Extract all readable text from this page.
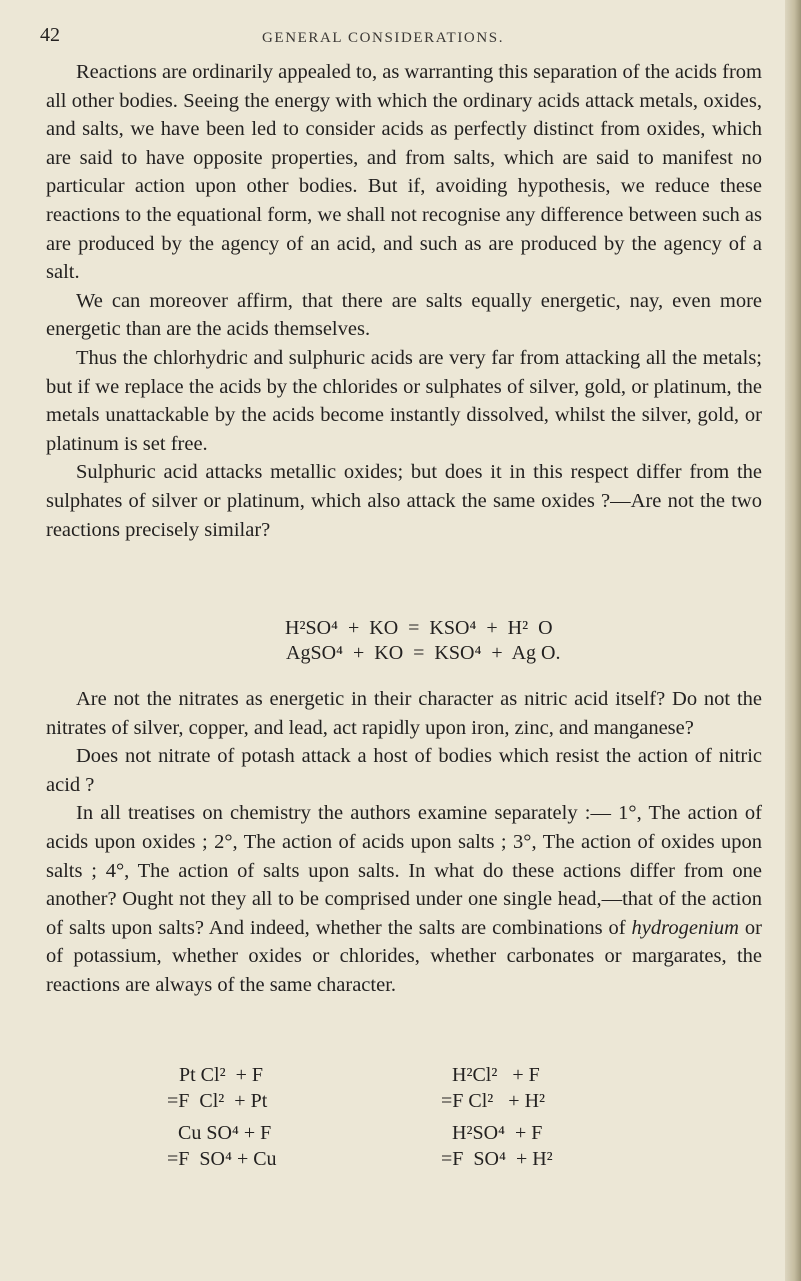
42	GENERAL CONSIDERATIONS.

Reactions are ordinarily appealed to, as warranting this separation of the acids from all other bodies. Seeing the energy with which the ordinary acids attack metals, oxides, and salts, we have been led to consider acids as perfectly distinct from oxides, which are said to have opposite properties, and from salts, which are said to manifest no particular action upon other bodies. But if, avoiding hypothesis, we reduce these reactions to the equational form, we shall not recognise any difference between such as are produced by the agency of an acid, and such as are produced by the agency of a salt.

We can moreover affirm, that there are salts equally energetic, nay, even more energetic than are the acids themselves.

Thus the chlorhydric and sulphuric acids are very far from attacking all the metals; but if we replace the acids by the chlorides or sulphates of silver, gold, or platinum, the metals unattackable by the acids become instantly dissolved, whilst the silver, gold, or platinum is set free.

Sulphuric acid attacks metallic oxides; but does it in this respect differ from the sulphates of silver or platinum, which also attack the same oxides ?—Are not the two reactions precisely similar?

H²SO⁴  +  KO  =  KSO⁴  +  H²  O
AgSO⁴  +  KO  =  KSO⁴  +  Ag O.

Are not the nitrates as energetic in their character as nitric acid itself? Do not the nitrates of silver, copper, and lead, act rapidly upon iron, zinc, and manganese?

Does not nitrate of potash attack a host of bodies which resist the action of nitric acid ?

In all treatises on chemistry the authors examine separately :— 1°, The action of acids upon oxides ; 2°, The action of acids upon salts ; 3°, The action of oxides upon salts ; 4°, The action of salts upon salts. In what do these actions differ from one another? Ought not they all to be comprised under one single head,—that of the action of salts upon salts? And indeed, whether the salts are combinations of hydrogenium or of potassium, whether oxides or chlorides, whether carbonates or margarates, the reactions are always of the same character.

Pt Cl²  + F
=F  Cl²  + Pt
Cu SO⁴ + F
=F  SO⁴ + Cu
H²Cl²   + F
=F Cl²   + H²
H²SO⁴  + F
=F  SO⁴  + H²
